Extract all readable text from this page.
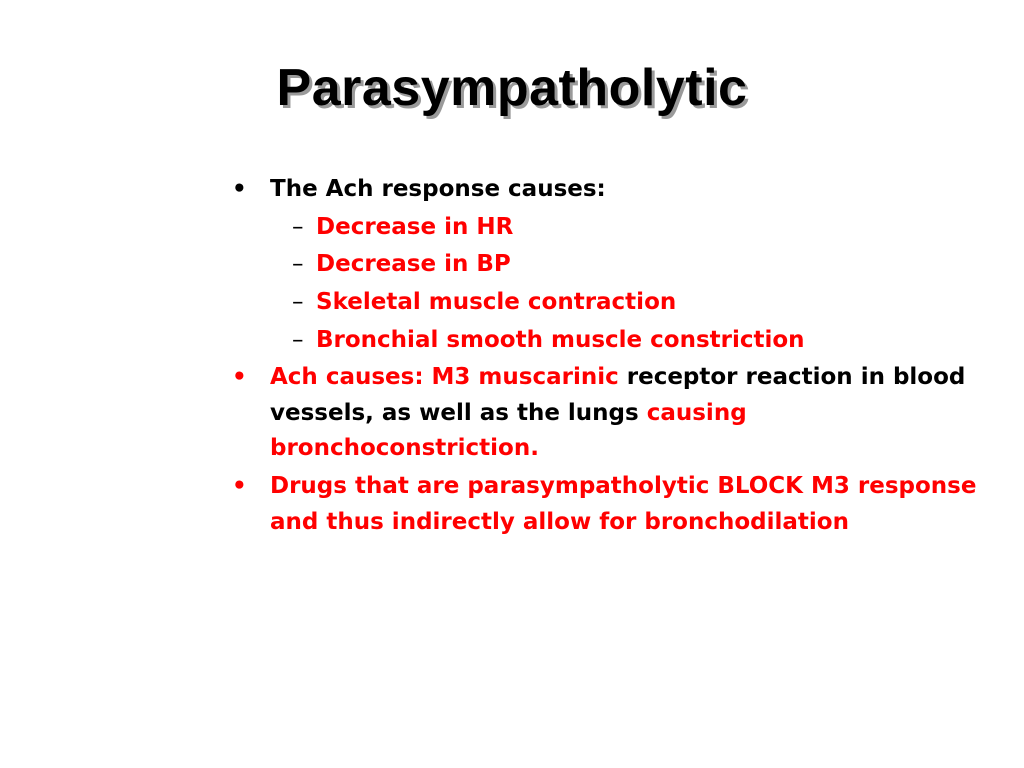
Parasympatholytic
• The Ach response causes:
– Decrease in HR
– Decrease in BP
– Skeletal muscle contraction
– Bronchial smooth muscle constriction
• Ach causes: M3 muscarinic receptor reaction in blood vessels, as well as the lungs causing bronchoconstriction.
• Drugs that are parasympatholytic BLOCK M3 response and thus indirectly allow for bronchodilation
